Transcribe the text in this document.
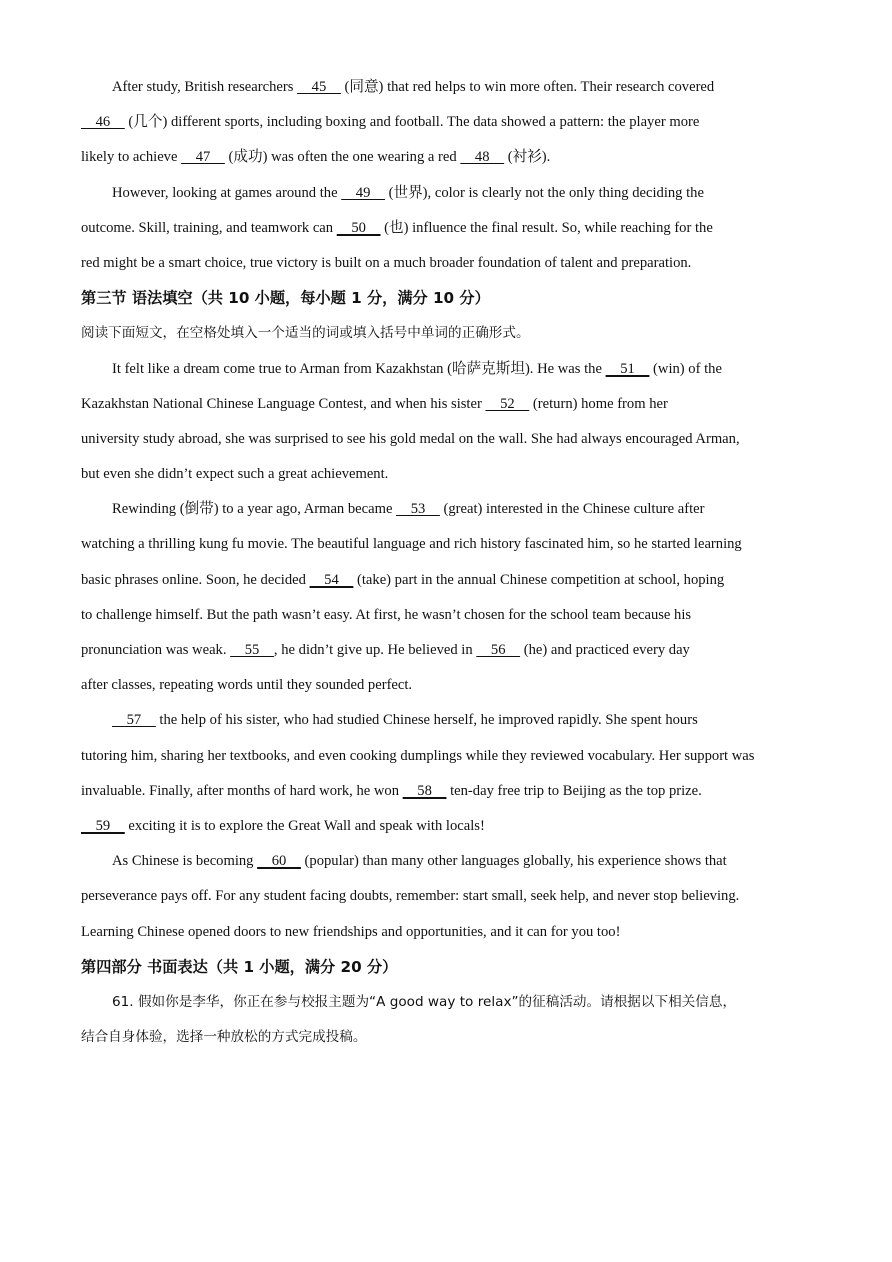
After study, British researchers     45     (同意) that red helps to win more often. Their research covered
46     (几个) different sports, including boxing and football. The data showed a pattern: the player more
likely to achieve     47     (成功) was often the one wearing a red     48     (衬衫).
However, looking at games around the     49     (世界), color is clearly not the only thing deciding the
outcome. Skill, training, and teamwork can     50     (也) influence the final result. So, while reaching for the
red might be a smart choice, true victory is built on a much broader foundation of talent and preparation.
第三节 语法填空（共 10 小题，每小题 1 分，满分 10 分）
阅读下面短文，在空格处填入一个适当的词或填入括号中单词的正确形式。
It felt like a dream come true to Arman from Kazakhstan (哈萨克斯坦). He was the     51     (win) of the
Kazakhstan National Chinese Language Contest, and when his sister     52     (return) home from her
university study abroad, she was surprised to see his gold medal on the wall. She had always encouraged Arman,
but even she didn’t expect such a great achievement.
Rewinding (倒带) to a year ago, Arman became     53     (great) interested in the Chinese culture after
watching a thrilling kung fu movie. The beautiful language and rich history fascinated him, so he started learning
basic phrases online. Soon, he decided     54     (take) part in the annual Chinese competition at school, hoping
to challenge himself. But the path wasn’t easy. At first, he wasn’t chosen for the school team because his
pronunciation was weak.     55    , he didn’t give up. He believed in     56     (he) and practiced every day
after classes, repeating words until they sounded perfect.
57     the help of his sister, who had studied Chinese herself, he improved rapidly. She spent hours
tutoring him, sharing her textbooks, and even cooking dumplings while they reviewed vocabulary. Her support was
invaluable. Finally, after months of hard work, he won     58     ten-day free trip to Beijing as the top prize.
59     exciting it is to explore the Great Wall and speak with locals!
As Chinese is becoming     60     (popular) than many other languages globally, his experience shows that
perseverance pays off. For any student facing doubts, remember: start small, seek help, and never stop believing.
Learning Chinese opened doors to new friendships and opportunities, and it can for you too!
第四部分 书面表达（共 1 小题，满分 20 分）
61. 假如你是李华，你正在参与校报主题为“A good way to relax”的征稿活动。请根据以下相关信息，
结合自身体验，选择一种放松的方式完成投稿。
